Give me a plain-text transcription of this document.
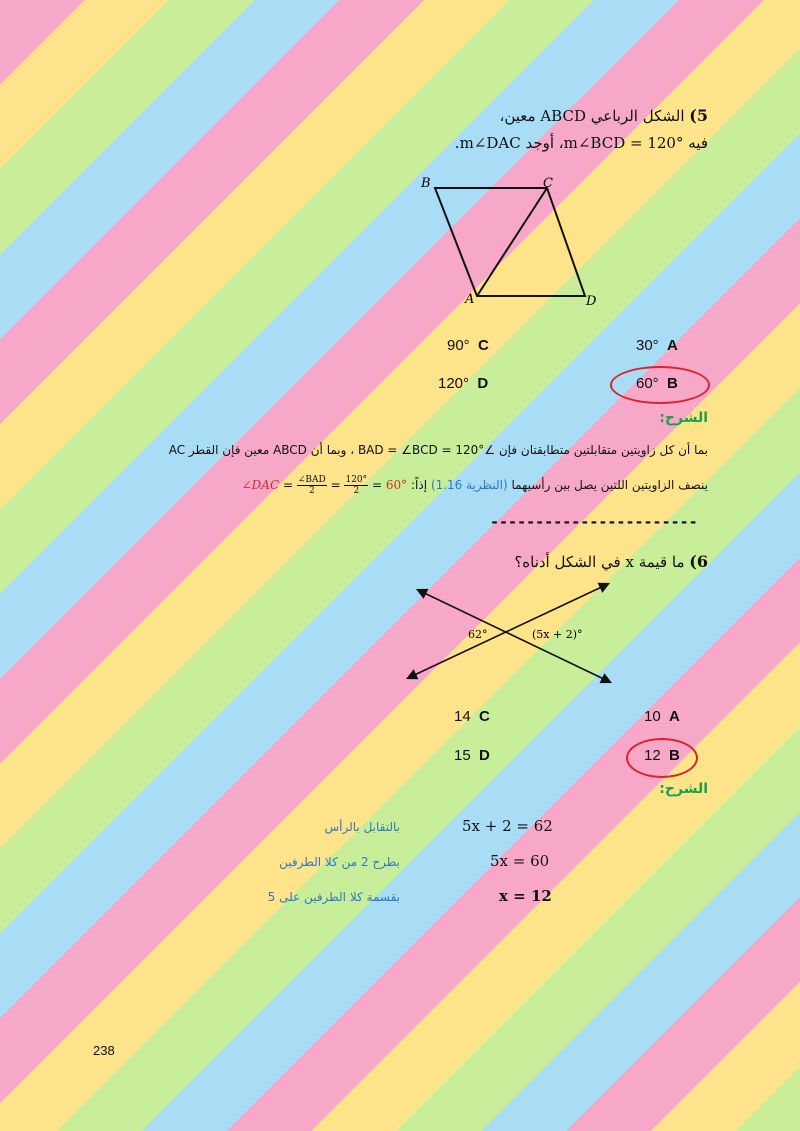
5) الشكل الرباعي ABCD معين،
فيه m∠BCD = 120°، أوجد m∠DAC.
B	C
A	D
30° A
90° C
60° B
120° D
الشرح:
بما أن كل زاويتين متقابلتين متطابقتان فإن ∠BAD = ∠BCD = 120° ، وبما أن ABCD معين فإن القطر AC
ينصف الزاويتين اللتين يصل بين رأسيهما (النظرية 1.16) إذاً: ∠DAC = $\frac{\text{∠BAD}}{2} = \frac{120^\circ}{2} = 60^\circ$
-----------------------
6) ما قيمة x في الشكل أدناه؟
62°	(5x + 2)°
10 A
14 C
12 B
15 D
الشرح:
5x + 2 = 62
بالتقابل بالرأس
5x = 60
بطرح 2 من كلا الطرفين
x = 12
بقسمة كلا الطرفين على 5
238
